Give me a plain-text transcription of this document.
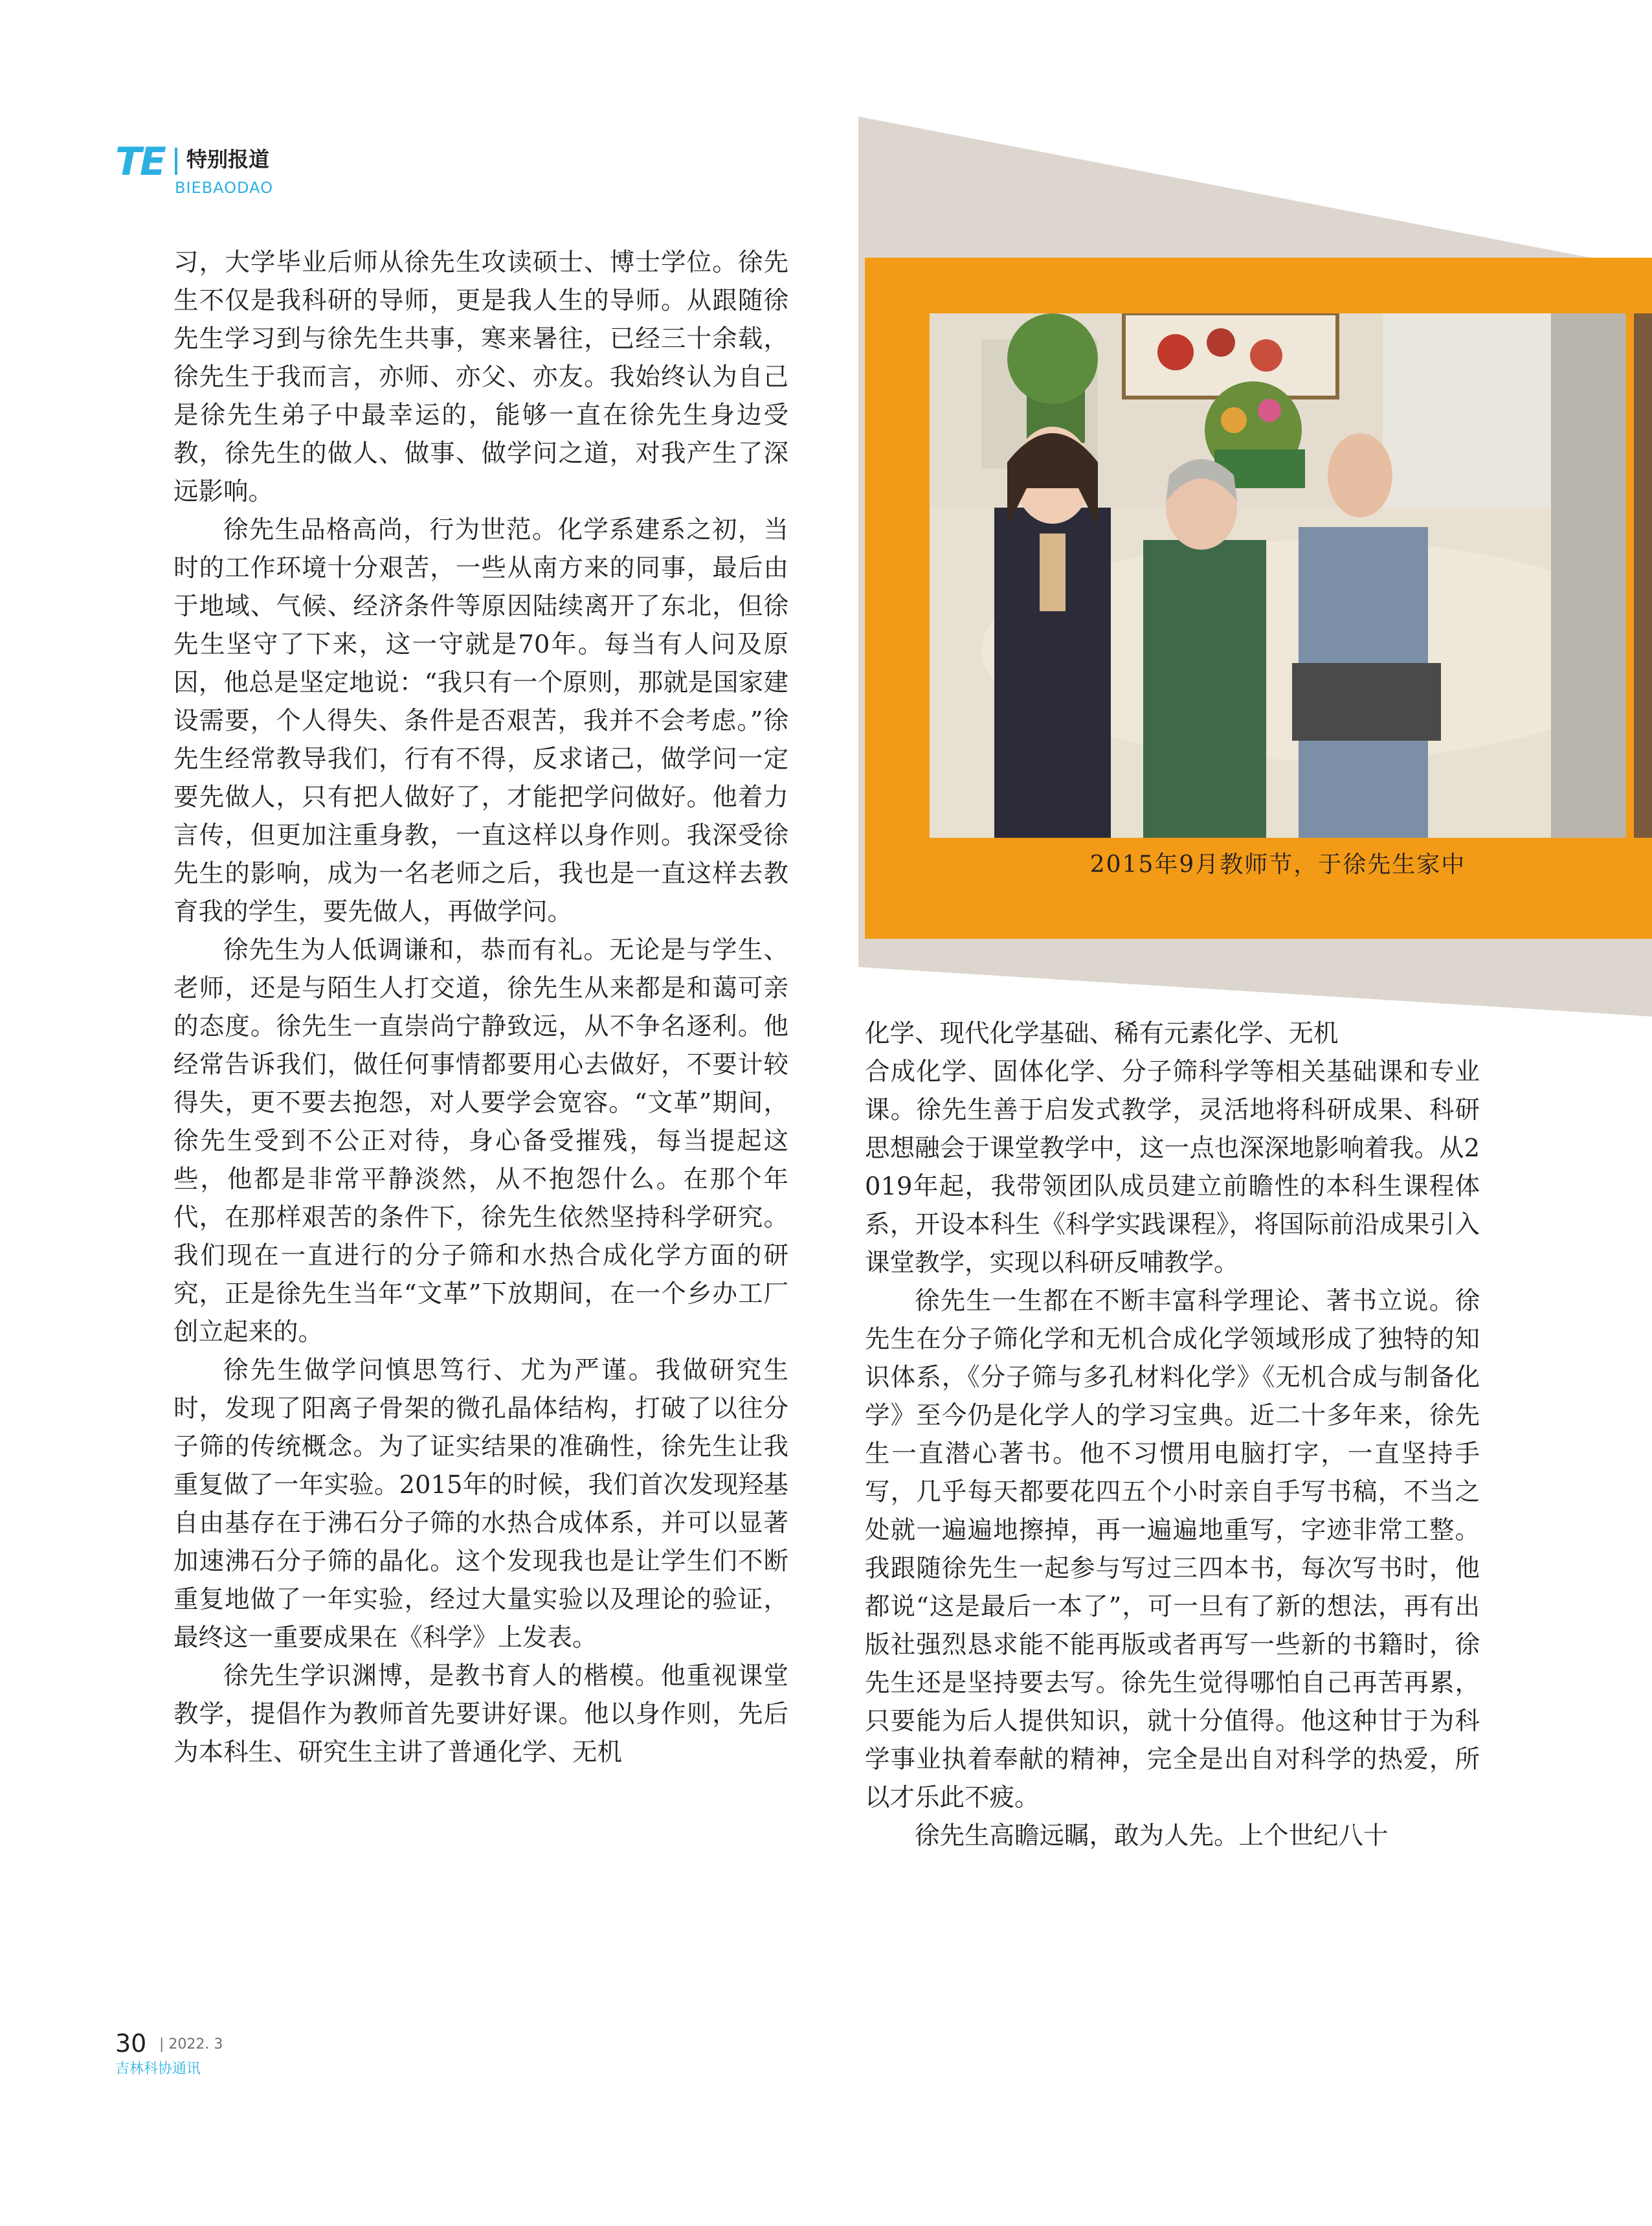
TE 特别报道
BIEBAODAO
2015年9月教师节，于徐先生家中

习，大学毕业后师从徐先生攻读硕士、博士学位。徐先生不仅是我科研的导师，更是我人生的导师。从跟随徐先生学习到与徐先生共事，寒来暑往，已经三十余载，徐先生于我而言，亦师、亦父、亦友。我始终认为自己是徐先生弟子中最幸运的，能够一直在徐先生身边受教，徐先生的做人、做事、做学问之道，对我产生了深远影响。

徐先生品格高尚，行为世范。化学系建系之初，当时的工作环境十分艰苦，一些从南方来的同事，最后由于地域、气候、经济条件等原因陆续离开了东北，但徐先生坚守了下来，这一守就是70年。每当有人问及原因，他总是坚定地说：“我只有一个原则，那就是国家建设需要，个人得失、条件是否艰苦，我并不会考虑。”徐先生经常教导我们，行有不得，反求诸己，做学问一定要先做人，只有把人做好了，才能把学问做好。他着力言传，但更加注重身教，一直这样以身作则。我深受徐先生的影响，成为一名老师之后，我也是一直这样去教育我的学生，要先做人，再做学问。

徐先生为人低调谦和，恭而有礼。无论是与学生、老师，还是与陌生人打交道，徐先生从来都是和蔼可亲的态度。徐先生一直崇尚宁静致远，从不争名逐利。他经常告诉我们，做任何事情都要用心去做好，不要计较得失，更不要去抱怨，对人要学会宽容。“文革”期间，徐先生受到不公正对待，身心备受摧残，每当提起这些，他都是非常平静淡然，从不抱怨什么。在那个年代，在那样艰苦的条件下，徐先生依然坚持科学研究。我们现在一直进行的分子筛和水热合成化学方面的研究，正是徐先生当年“文革”下放期间，在一个乡办工厂创立起来的。

徐先生做学问慎思笃行、尤为严谨。我做研究生时，发现了阳离子骨架的微孔晶体结构，打破了以往分子筛的传统概念。为了证实结果的准确性，徐先生让我重复做了一年实验。2015年的时候，我们首次发现羟基自由基存在于沸石分子筛的水热合成体系，并可以显著加速沸石分子筛的晶化。这个发现我也是让学生们不断重复地做了一年实验，经过大量实验以及理论的验证，最终这一重要成果在《科学》上发表。

徐先生学识渊博，是教书育人的楷模。他重视课堂教学，提倡作为教师首先要讲好课。他以身作则，先后为本科生、研究生主讲了普通化学、无机

化学、现代化学基础、稀有元素化学、无机

合成化学、固体化学、分子筛科学等相关基础课和专业课。徐先生善于启发式教学，灵活地将科研成果、科研思想融会于课堂教学中，这一点也深深地影响着我。从2019年起，我带领团队成员建立前瞻性的本科生课程体系，开设本科生《科学实践课程》，将国际前沿成果引入课堂教学，实现以科研反哺教学。

徐先生一生都在不断丰富科学理论、著书立说。徐先生在分子筛化学和无机合成化学领域形成了独特的知识体系，《分子筛与多孔材料化学》《无机合成与制备化学》至今仍是化学人的学习宝典。近二十多年来，徐先生一直潜心著书。他不习惯用电脑打字，一直坚持手写，几乎每天都要花四五个小时亲自手写书稿，不当之处就一遍遍地擦掉，再一遍遍地重写，字迹非常工整。我跟随徐先生一起参与写过三四本书，每次写书时，他都说“这是最后一本了”，可一旦有了新的想法，再有出版社强烈恳求能不能再版或者再写一些新的书籍时，徐先生还是坚持要去写。徐先生觉得哪怕自己再苦再累，只要能为后人提供知识，就十分值得。他这种甘于为科学事业执着奉献的精神，完全是出自对科学的热爱，所以才乐此不疲。

徐先生高瞻远瞩，敢为人先。上个世纪八十

30 | 2022. 3
吉林科协通讯
